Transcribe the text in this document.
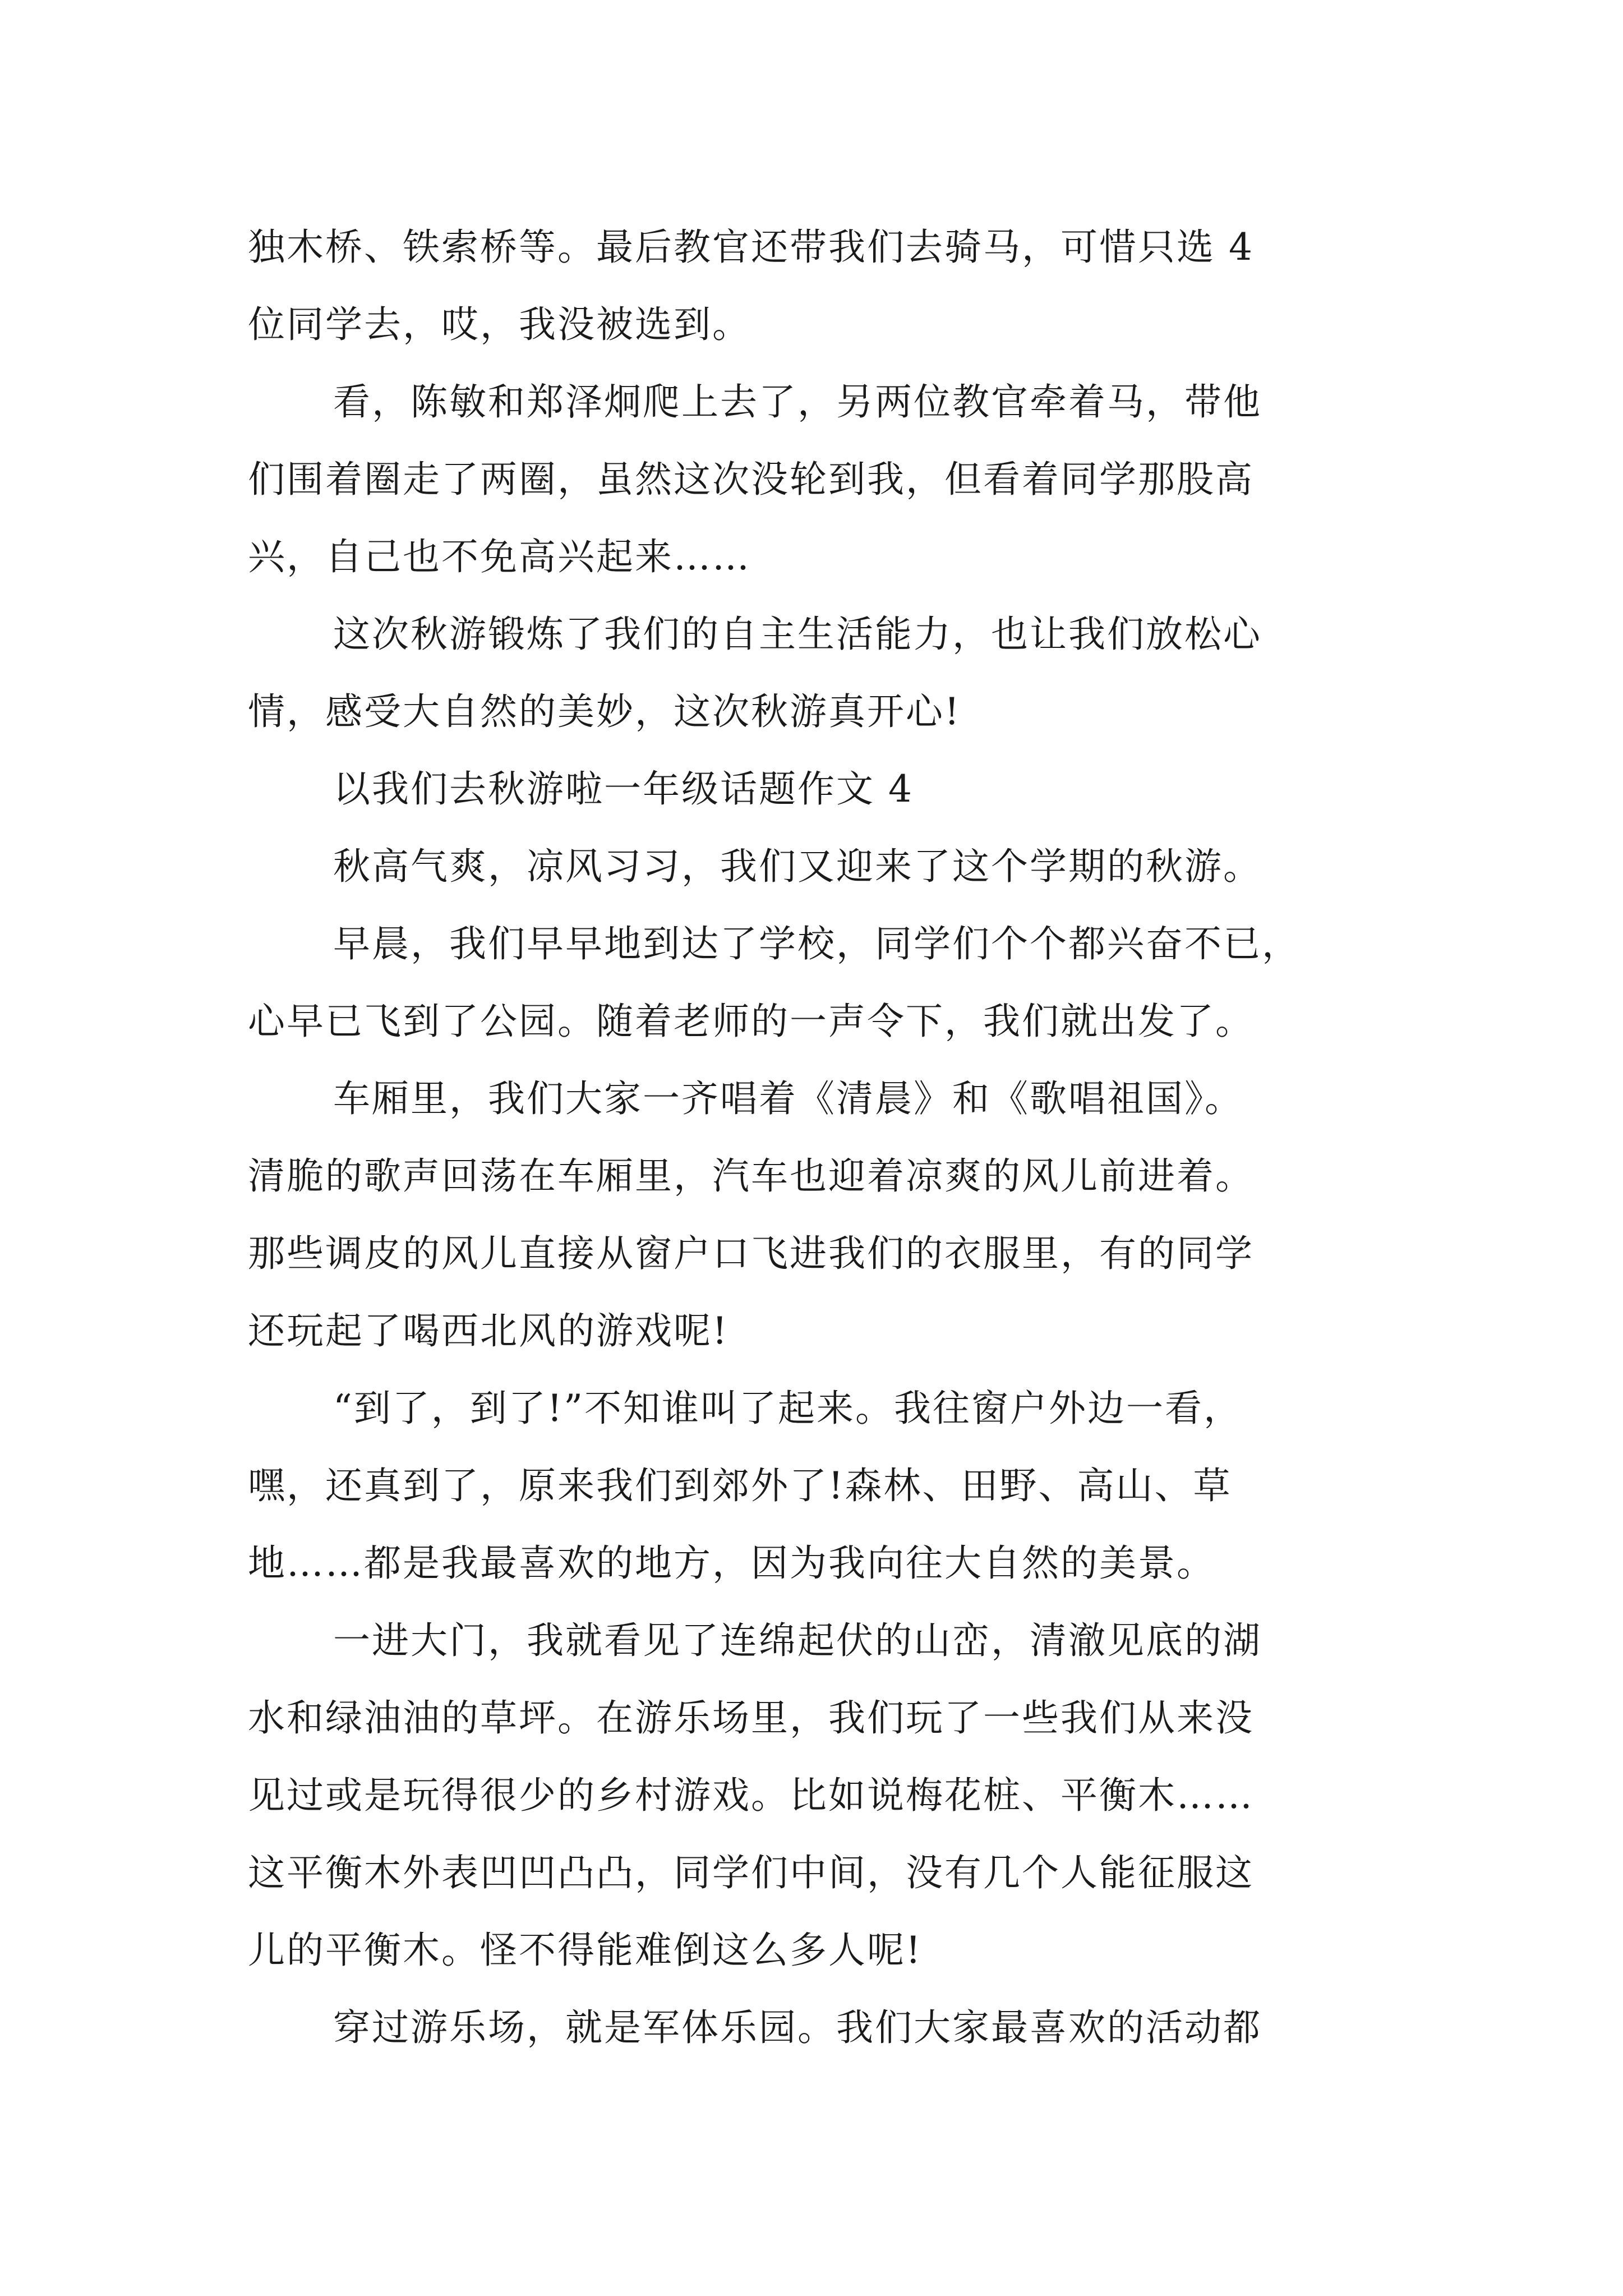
独木桥、铁索桥等。最后教官还带我们去骑马，可惜只选 4
位同学去，哎，我没被选到。
看，陈敏和郑泽炯爬上去了，另两位教官牵着马，带他
们围着圈走了两圈，虽然这次没轮到我，但看着同学那股高
兴，自己也不免高兴起来……
这次秋游锻炼了我们的自主生活能力，也让我们放松心
情，感受大自然的美妙，这次秋游真开心!
以我们去秋游啦一年级话题作文 4
秋高气爽，凉风习习，我们又迎来了这个学期的秋游。
早晨，我们早早地到达了学校，同学们个个都兴奋不已，
心早已飞到了公园。随着老师的一声令下，我们就出发了。
车厢里，我们大家一齐唱着《清晨》和《歌唱祖国》。
清脆的歌声回荡在车厢里，汽车也迎着凉爽的风儿前进着。
那些调皮的风儿直接从窗户口飞进我们的衣服里，有的同学
还玩起了喝西北风的游戏呢!
“到了，到了!”不知谁叫了起来。我往窗户外边一看，
嘿，还真到了，原来我们到郊外了!森林、田野、高山、草
地……都是我最喜欢的地方，因为我向往大自然的美景。
一进大门，我就看见了连绵起伏的山峦，清澈见底的湖
水和绿油油的草坪。在游乐场里，我们玩了一些我们从来没
见过或是玩得很少的乡村游戏。比如说梅花桩、平衡木……
这平衡木外表凹凹凸凸，同学们中间，没有几个人能征服这
儿的平衡木。怪不得能难倒这么多人呢!
穿过游乐场，就是军体乐园。我们大家最喜欢的活动都
